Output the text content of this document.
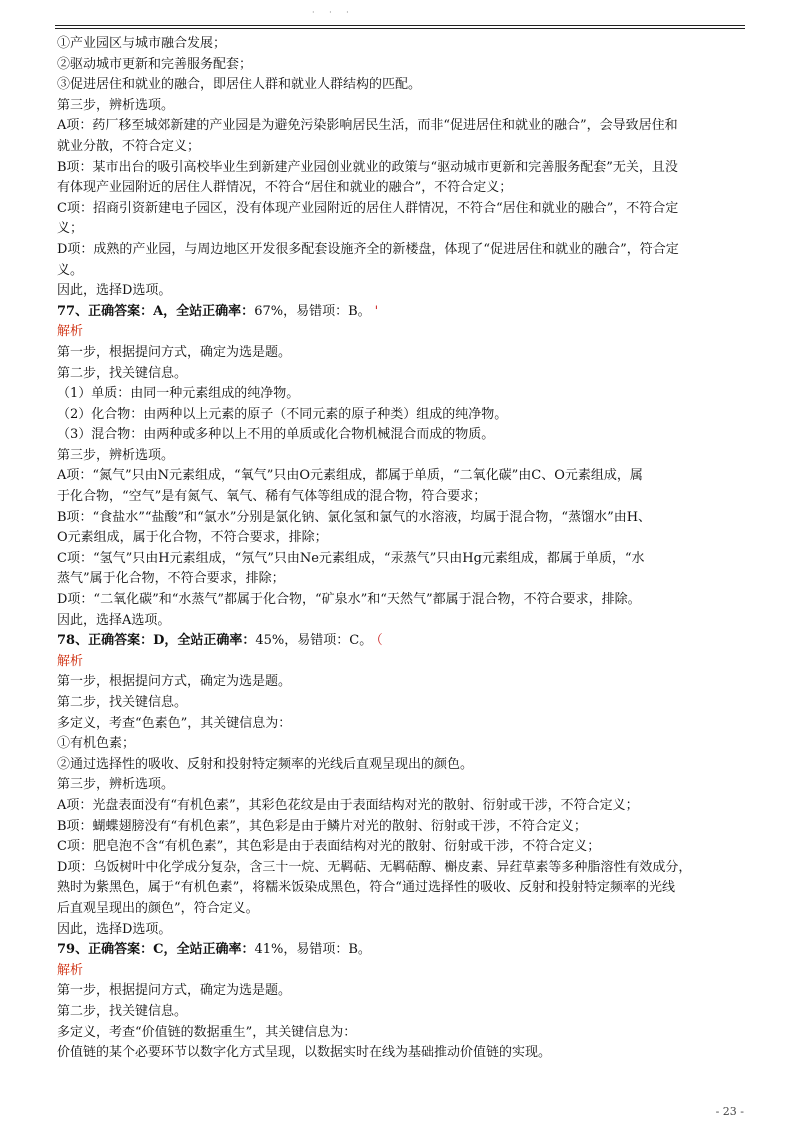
· · ·
①产业园区与城市融合发展；
②驱动城市更新和完善服务配套；
③促进居住和就业的融合，即居住人群和就业人群结构的匹配。
第三步，辨析选项。
A项：药厂移至城郊新建的产业园是为避免污染影响居民生活，而非“促进居住和就业的融合”，会导致居住和
就业分散，不符合定义；
B项：某市出台的吸引高校毕业生到新建产业园创业就业的政策与“驱动城市更新和完善服务配套”无关，且没
有体现产业园附近的居住人群情况，不符合“居住和就业的融合”，不符合定义；
C项：招商引资新建电子园区，没有体现产业园附近的居住人群情况，不符合“居住和就业的融合”，不符合定
义；
D项：成熟的产业园，与周边地区开发很多配套设施齐全的新楼盘，体现了“促进居住和就业的融合”，符合定
义。
因此，选择D选项。
77、正确答案：A，全站正确率：67%，易错项：B。 '
解析
第一步，根据提问方式，确定为选是题。
第二步，找关键信息。
（1）单质：由同一种元素组成的纯净物。
（2）化合物：由两种以上元素的原子（不同元素的原子种类）组成的纯净物。
（3）混合物：由两种或多种以上不用的单质或化合物机械混合而成的物质。
第三步，辨析选项。
A项：“氮气”只由N元素组成，“氧气”只由O元素组成，都属于单质，“二氧化碳”由C、O元素组成，属
于化合物，“空气”是有氮气、氧气、稀有气体等组成的混合物，符合要求；
B项：“食盐水”“盐酸”和“氯水”分别是氯化钠、氯化氢和氯气的水溶液，均属于混合物，“蒸馏水”由H、
O元素组成，属于化合物，不符合要求，排除；
C项：“氢气”只由H元素组成，“氖气”只由Ne元素组成，“汞蒸气”只由Hg元素组成，都属于单质，“水
蒸气”属于化合物，不符合要求，排除；
D项：“二氧化碳”和“水蒸气”都属于化合物，“矿泉水”和“天然气”都属于混合物，不符合要求，排除。
因此，选择A选项。
78、正确答案：D，全站正确率：45%，易错项：C。 （
解析
第一步，根据提问方式，确定为选是题。
第二步，找关键信息。
多定义，考查“色素色”，其关键信息为：
①有机色素；
②通过选择性的吸收、反射和投射特定频率的光线后直观呈现出的颜色。
第三步，辨析选项。
A项：光盘表面没有“有机色素”，其彩色花纹是由于表面结构对光的散射、衍射或干涉，不符合定义；
B项：蝴蝶翅膀没有“有机色素”，其色彩是由于鳞片对光的散射、衍射或干涉，不符合定义；
C项：肥皂泡不含“有机色素”，其色彩是由于表面结构对光的散射、衍射或干涉，不符合定义；
D项：乌饭树叶中化学成分复杂，含三十一烷、无羁萜、无羁萜醇、槲皮素、异荭草素等多种脂溶性有效成分，
熟时为紫黑色，属于“有机色素”，将糯米饭染成黑色，符合“通过选择性的吸收、反射和投射特定频率的光线
后直观呈现出的颜色”，符合定义。
因此，选择D选项。
79、正确答案：C，全站正确率：41%，易错项：B。
解析
第一步，根据提问方式，确定为选是题。
第二步，找关键信息。
多定义，考查“价值链的数据重生”，其关键信息为：
价值链的某个必要环节以数字化方式呈现，以数据实时在线为基础推动价值链的实现。
- 23 -
